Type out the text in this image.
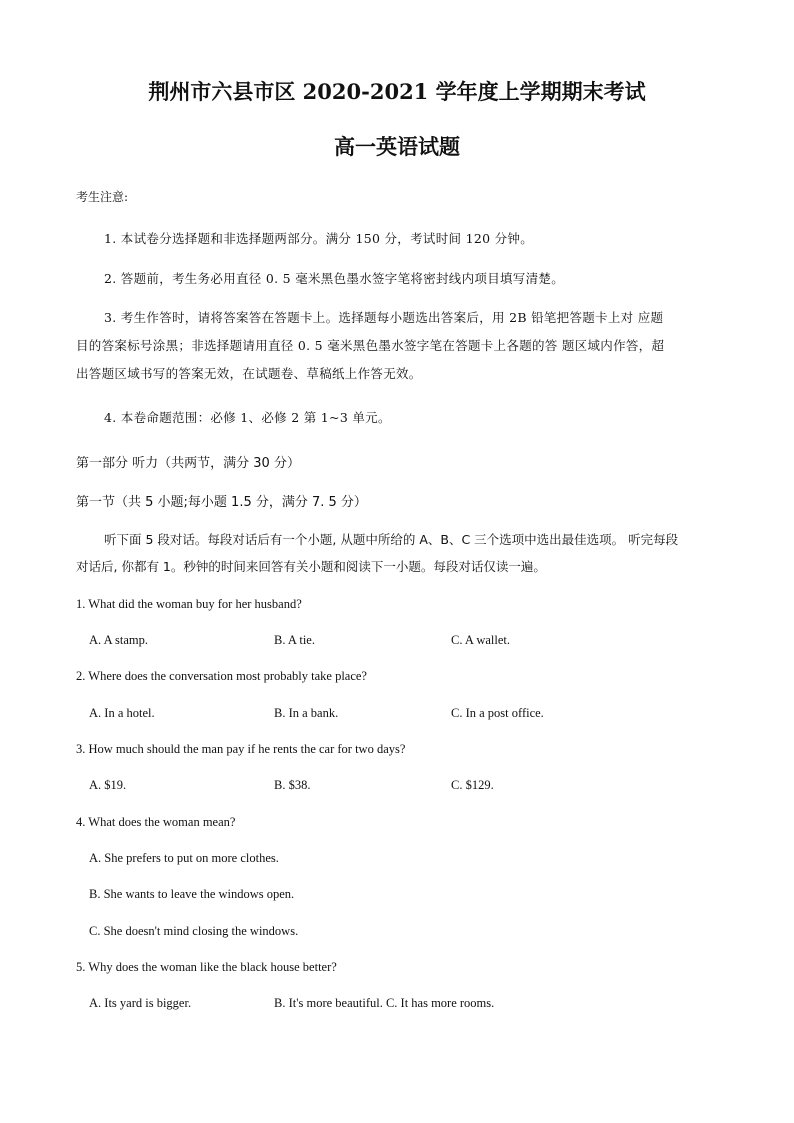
荆州市六县市区 2020-2021 学年度上学期期末考试
高一英语试题
考生注意:
1. 本试卷分选择题和非选择题两部分。满分 150 分，考试时间 120 分钟。
2. 答题前，考生务必用直径 0. 5 毫米黑色墨水签字笔将密封线内项目填写清楚。
3. 考生作答时，请将答案答在答题卡上。选择题每小题选出答案后，用 2B 铅笔把答题卡上对 应题
目的答案标号涂黑；非选择题请用直径 0. 5 毫米黑色墨水签字笔在答题卡上各题的答 题区域内作答，超
出答题区域书写的答案无效，在试题卷、草稿纸上作答无效。
4. 本卷命题范围：必修 1、必修 2 第 1~3 单元。
第一部分 听力（共两节，满分 30 分）
第一节（共 5 小题;每小题 1.5 分，满分 7. 5 分）
听下面 5 段对话。每段对话后有一个小题, 从题中所给的 A、B、C 三个选项中选出最佳选项。 听完每段
对话后, 你都有 1。秒钟的时间来回答有关小题和阅读下一小题。每段对话仅读一遍。
1. What did the woman buy for her husband?
A. A stamp.	B. A tie.	C. A wallet.
2. Where does the conversation most probably take place?
A. In a hotel.	B. In a bank.	C. In a post office.
3. How much should the man pay if he rents the car for two days?
A. $19.	B. $38.	C. $129.
4. What does the woman mean?
A. She prefers to put on more clothes.
B. She wants to leave the windows open.
C. She doesn't mind closing the windows.
5. Why does the woman like the black house better?
A. Its yard is bigger.	B. It's more beautiful. C. It has more rooms.
